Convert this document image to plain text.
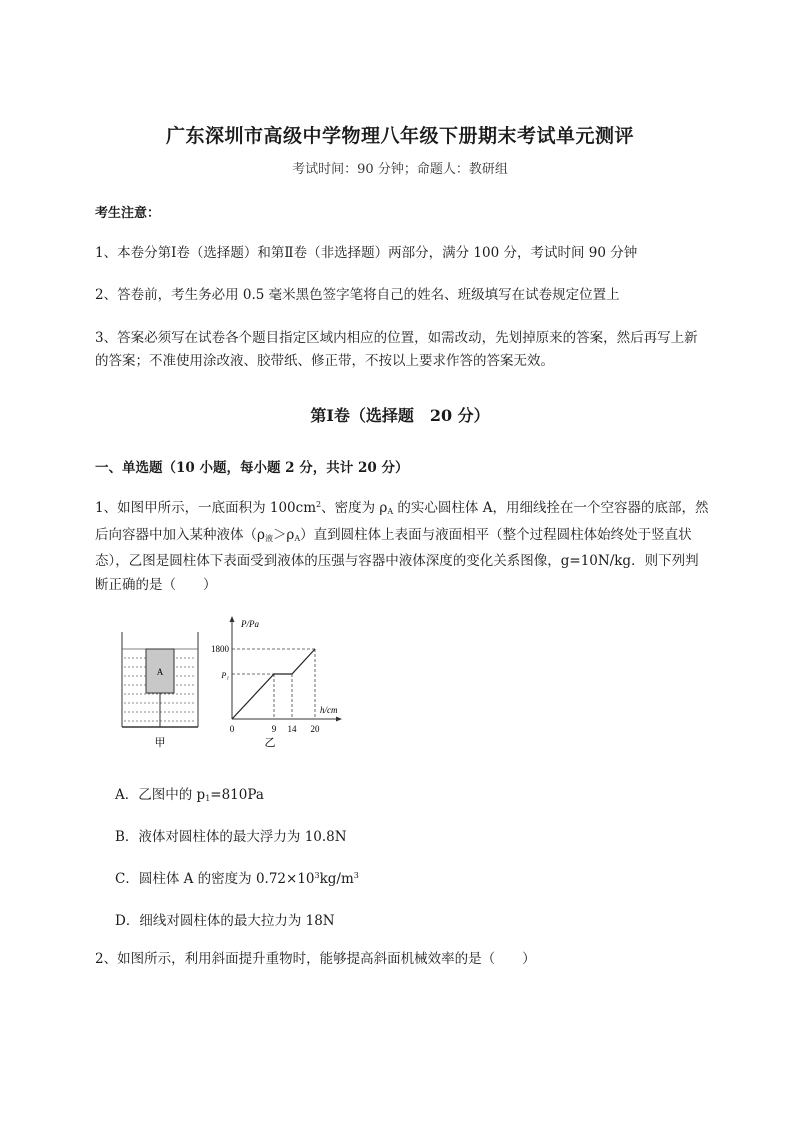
广东深圳市高级中学物理八年级下册期末考试单元测评
考试时间：90 分钟；命题人：教研组
考生注意：
1、本卷分第Ⅰ卷（选择题）和第Ⅱ卷（非选择题）两部分，满分 100 分，考试时间 90 分钟
2、答卷前，考生务必用 0.5 毫米黑色签字笔将自己的姓名、班级填写在试卷规定位置上
3、答案必须写在试卷各个题目指定区域内相应的位置，如需改动，先划掉原来的答案，然后再写上新的答案；不准使用涂改液、胶带纸、修正带，不按以上要求作答的答案无效。
第Ⅰ卷（选择题　20 分）
一、单选题（10 小题，每小题 2 分，共计 20 分）
1、如图甲所示，一底面积为 $100cm^2$、密度为 $\rho_A$ 的实心圆柱体 A，用细线拴在一个空容器的底部，然后向容器中加入某种液体$(\rho_液>\rho_A)$直到圆柱体上表面与液面相平（整个过程圆柱体始终处于竖直状态），乙图是圆柱体下表面受到液体的压强与容器中液体深度的变化关系图像，g=10N/kg．则下列判断正确的是（　　）
A
甲
P/Pa
h/cm
1800
P₁
0	9 14 20
乙
A．乙图中的 $p_1=810Pa$
B．液体对圆柱体的最大浮力为 10.8N
C．圆柱体 A 的密度为 $0.72\times 10^3kg/m^3$
D．细线对圆柱体的最大拉力为 18N
2、如图所示，利用斜面提升重物时，能够提高斜面机械效率的是（　　）
